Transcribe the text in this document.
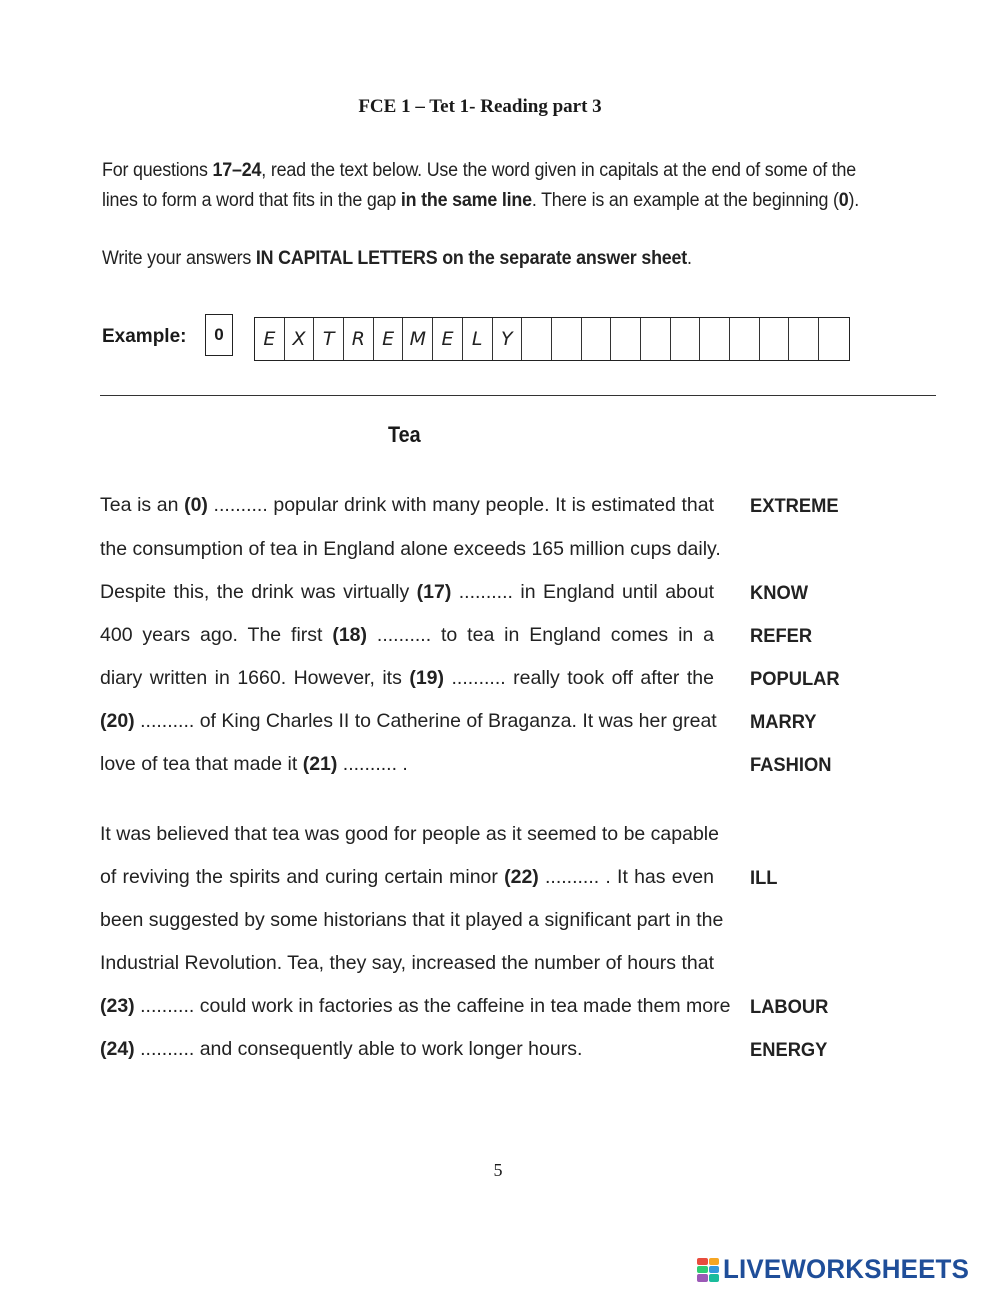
FCE 1 – Tet 1- Reading part 3
For questions 17–24, read the text below. Use the word given in capitals at the end of some of the
lines to form a word that fits in the gap in the same line. There is an example at the beginning (0).
Write your answers IN CAPITAL LETTERS on the separate answer sheet.
Example:	0	E X T R E M E L Y
Tea
Tea is an (0) .......... popular drink with many people. It is estimated that
the consumption of tea in England alone exceeds 165 million cups daily.
Despite this, the drink was virtually (17) .......... in England until about
400 years ago. The first (18) .......... to tea in England comes in a
diary written in 1660. However, its (19) .......... really took off after the
(20) .......... of King Charles II to Catherine of Braganza. It was her great
love of tea that made it (21) .......... .
It was believed that tea was good for people as it seemed to be capable
of reviving the spirits and curing certain minor (22) .......... . It has even
been suggested by some historians that it played a significant part in the
Industrial Revolution. Tea, they say, increased the number of hours that
(23) .......... could work in factories as the caffeine in tea made them more
(24) .......... and consequently able to work longer hours.
EXTREME
KNOW
REFER
POPULAR
MARRY
FASHION
ILL
LABOUR
ENERGY
5
LIVEWORKSHEETS
